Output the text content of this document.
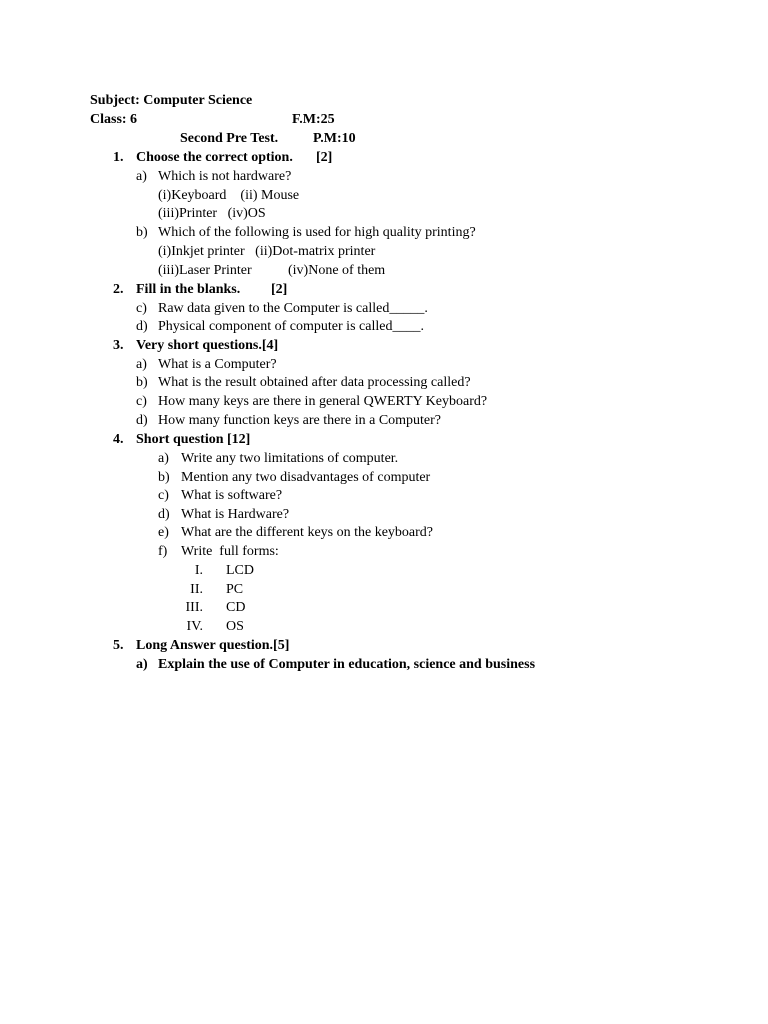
Subject: Computer Science
Class: 6	F.M:25
Second Pre Test. P.M:10
1. Choose the correct option. [2]
a) Which is not hardware?
(i)Keyboard    (ii) Mouse
(iii)Printer   (iv)OS
b) Which of the following is used for high quality printing?
(i)Inkjet printer   (ii)Dot-matrix printer
(iii)Laser Printer	(iv)None of them
2. Fill in the blanks. [2]
c) Raw data given to the Computer is called_____.
d) Physical component of computer is called____.
3. Very short questions.[4]
a) What is a Computer?
b) What is the result obtained after data processing called?
c) How many keys are there in general QWERTY Keyboard?
d) How many function keys are there in a Computer?
4. Short question [12]
a) Write any two limitations of computer.
b) Mention any two disadvantages of computer
c) What is software?
d) What is Hardware?
e) What are the different keys on the keyboard?
f) Write  full forms:
I. LCD
II. PC
III. CD
IV. OS
5. Long Answer question.[5]
a) Explain the use of Computer in education, science and business
